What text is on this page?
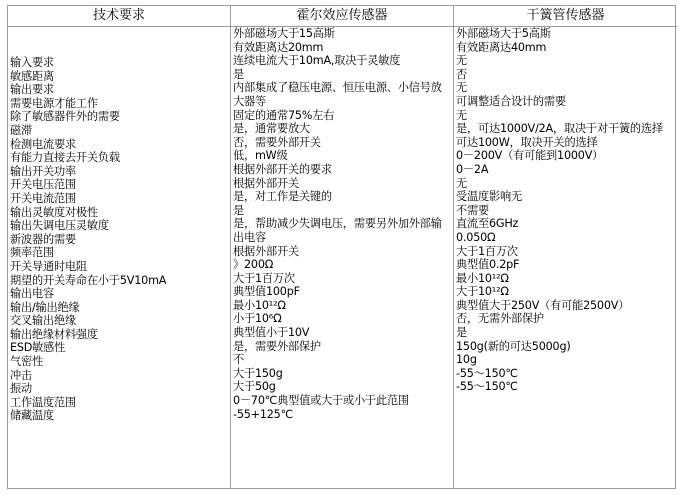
技术要求
输入要求
敏感距离
输出要求
需要电源才能工作
除了敏感器件外的需要
磁滞
检测电流要求
有能力直接去开关负载
输出开关功率
开关电压范围
开关电流范围
输出灵敏度对极性
输出失调电压灵敏度
新波器的需要
频率范围
开关导通时电阻
期望的开关寿命在小于5V10mA
输出电容
输出/输出绝缘
交叉输出绝缘
输出绝缘材料强度
ESD敏感性
气密性
冲击
振动
工作温度范围
储藏温度
霍尔效应传感器
外部磁场大于15高斯
有效距离达20mm
连续电流大于10mA,取决于灵敏度
是
内部集成了稳压电源、恒压电源、小信号放大器等
固定的通常75%左右
是，通常要放大
否，需要外部开关
低，mW级
根据外部开关的要求
根据外部开关
是，对工作是关键的
是
是，帮助减少失调电压，需要另外加外部输出电容
根据外部开关
》200Ω
大于1百万次
典型值100pF
最小10¹²Ω
小于10⁶Ω
典型值小于10V
是，需要外部保护
不
大于150g
大于50g
0－70℃典型值或大于或小于此范围
-55+125℃
干簧管传感器
外部磁场大于5高斯
有效距离达40mm
无
否
无
可调整适合设计的需要
无
是，可达1000V/2A，取决于对干簧的选择
可达100W，取决开关的选择
0－200V（有可能到1000V）
0－2A
无
受温度影响无
不需要
直流至6GHz
0.050Ω
大于1百万次
典型值0.2pF
最小10¹²Ω
大于10¹²Ω
典型值大于250V（有可能2500V）
否，无需外部保护
是
150g(新的可达5000g)
10g
-55～150℃
-55～150℃
